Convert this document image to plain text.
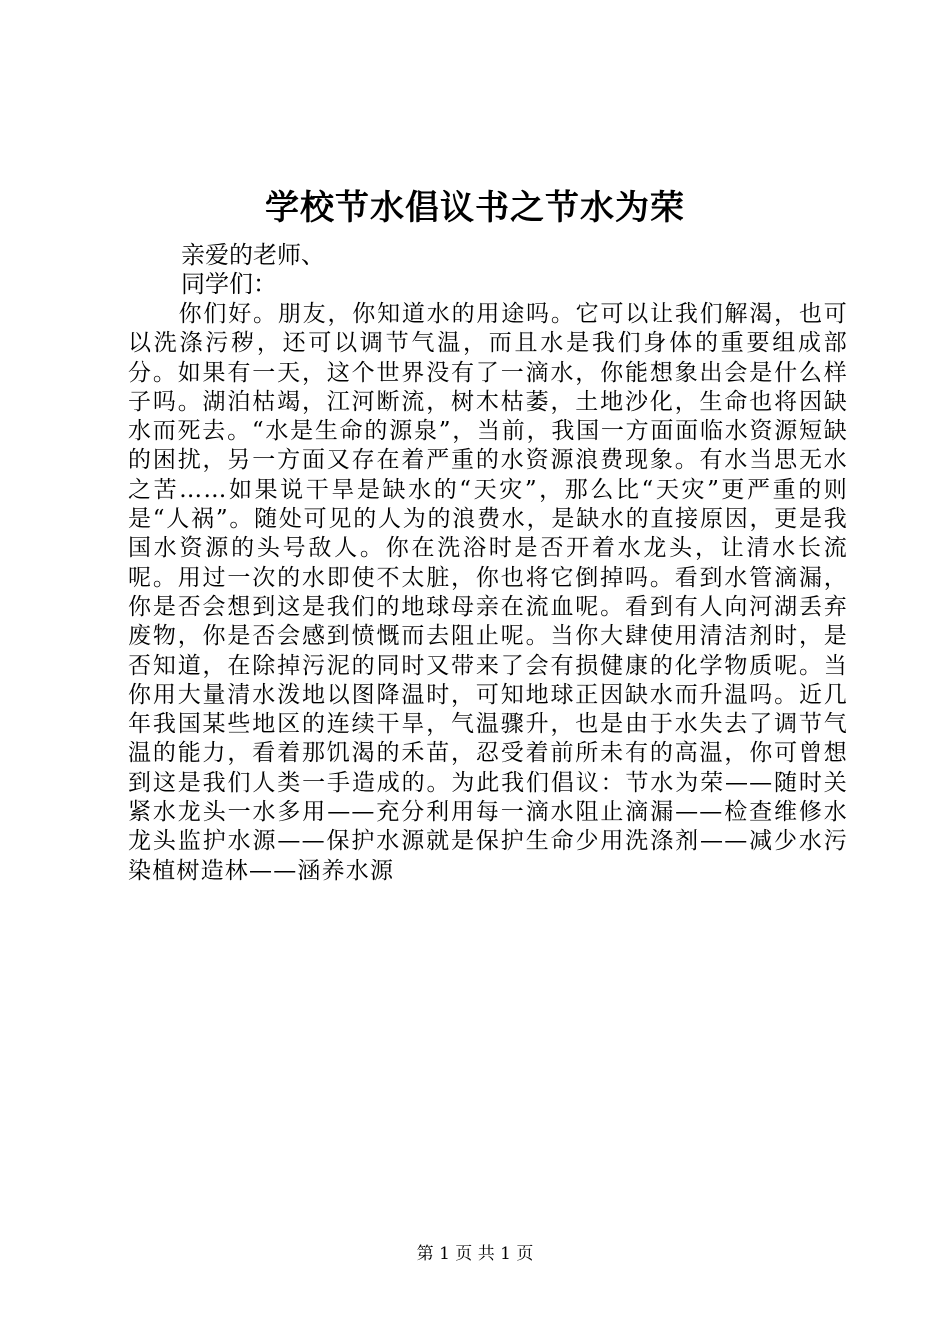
学校节水倡议书之节水为荣
亲爱的老师、
同学们：
你们好。朋友，你知道水的用途吗。它可以让我们解渴，也可以洗涤污秽，还可以调节气温，而且水是我们身体的重要组成部分。如果有一天，这个世界没有了一滴水，你能想象出会是什么样子吗。湖泊枯竭，江河断流，树木枯萎，土地沙化，生命也将因缺水而死去。“水是生命的源泉”，当前，我国一方面面临水资源短缺的困扰，另一方面又存在着严重的水资源浪费现象。有水当思无水之苦……如果说干旱是缺水的“天灾”，那么比“天灾”更严重的则是“人祸”。随处可见的人为的浪费水，是缺水的直接原因，更是我国水资源的头号敌人。你在洗浴时是否开着水龙头，让清水长流呢。用过一次的水即使不太脏，你也将它倒掉吗。看到水管滴漏，你是否会想到这是我们的地球母亲在流血呢。看到有人向河湖丢弃废物，你是否会感到愤慨而去阻止呢。当你大肆使用清洁剂时，是否知道，在除掉污泥的同时又带来了会有损健康的化学物质呢。当你用大量清水泼地以图降温时，可知地球正因缺水而升温吗。近几年我国某些地区的连续干旱，气温骤升，也是由于水失去了调节气温的能力，看着那饥渴的禾苗，忍受着前所未有的高温，你可曾想到这是我们人类一手造成的。为此我们倡议：节水为荣——随时关紧水龙头一水多用——充分利用每一滴水阻止滴漏——检查维修水龙头监护水源——保护水源就是保护生命少用洗涤剂——减少水污染植树造林——涵养水源
第 1 页 共 1 页
